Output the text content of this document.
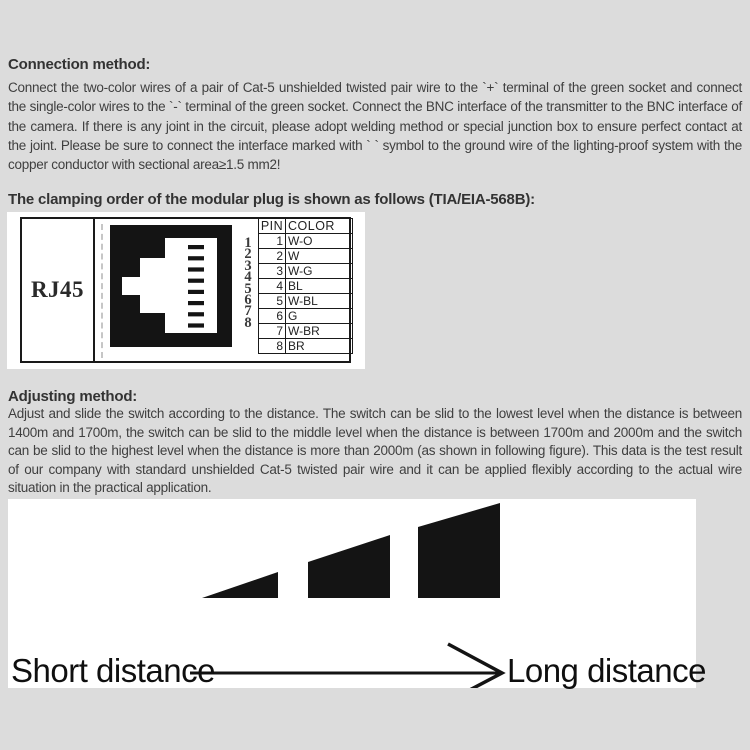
Connection method:

Connect the two-color wires of a pair of Cat-5 unshielded twisted pair wire to the `+` terminal of the green socket and connect the single-color wires to the `-` terminal of the green socket. Connect the BNC interface of the transmitter to the BNC interface of the camera. If there is any joint in the circuit, please adopt welding method or special junction box to ensure perfect contact at the joint. Please be sure to connect the interface marked with ` ` symbol to the ground wire of the lighting-proof system with the copper conductor with sectional area≥1.5 mm2!

The clamping order of the modular plug is shown as follows (TIA/EIA-568B):
RJ45
1
2
3
4
5
6
7
8
PIN	COLOR
1	W-O
2	W
3	W-G
4	BL
5	W-BL
6	G
7	W-BR
8	BR
Adjusting method:

Adjust and slide the switch according to the distance. The switch can be slid to the lowest level when the distance is between 1400m and 1700m, the switch can be slid to the middle level when the distance is between 1700m and 2000m and the switch can be slid to the highest level when the distance is more than 2000m (as shown in following figure). This data is the test result of our company with standard unshielded Cat-5 twisted pair wire and it can be applied flexibly according to the actual wire situation in the practical application.

Short distance	Long distance
